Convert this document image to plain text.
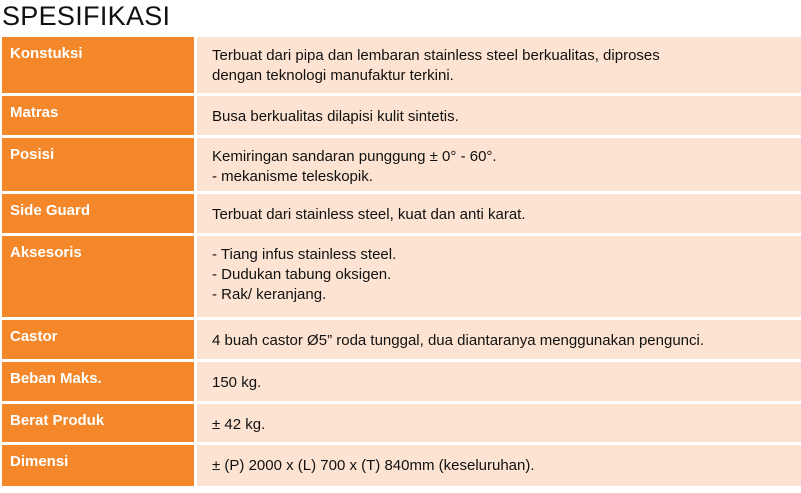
SPESIFIKASI
Konstuksi	Terbuat dari pipa dan lembaran stainless steel berkualitas, diproses
dengan teknologi manufaktur terkini.
Matras	Busa berkualitas dilapisi kulit sintetis.
Posisi	Kemiringan sandaran punggung ± 0° - 60°.
- mekanisme teleskopik.
Side Guard	Terbuat dari stainless steel, kuat dan anti karat.
Aksesoris	- Tiang infus stainless steel.
- Dudukan tabung oksigen.
- Rak/ keranjang.
Castor	4 buah castor Ø5” roda tunggal, dua diantaranya menggunakan pengunci.
Beban Maks.	150 kg.
Berat Produk	± 42 kg.
Dimensi	± (P) 2000 x (L) 700 x (T) 840mm (keseluruhan).
